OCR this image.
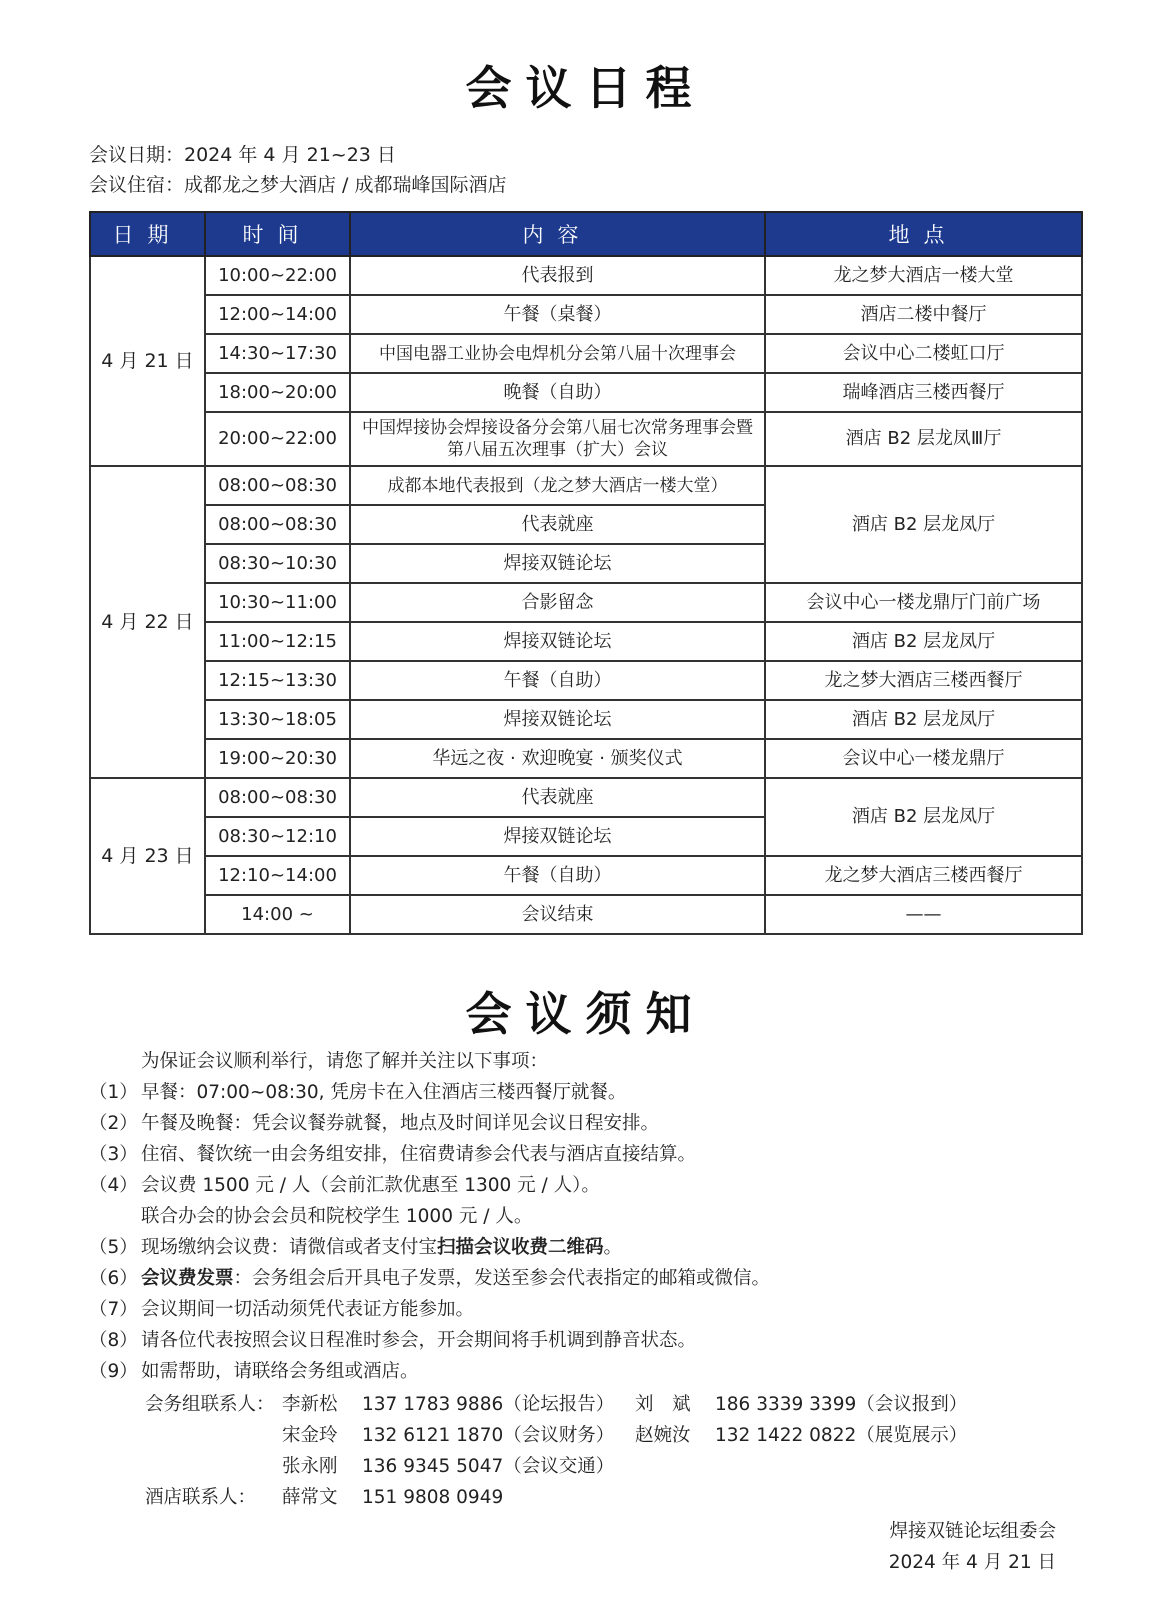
会议日程
会议日期：2024 年 4 月 21~23 日
会议住宿：成都龙之梦大酒店 / 成都瑞峰国际酒店
日期	时间	内容	地点
4 月 21 日	10:00~22:00	代表报到	龙之梦大酒店一楼大堂
	12:00~14:00	午餐（桌餐）	酒店二楼中餐厅
	14:30~17:30	中国电器工业协会电焊机分会第八届十次理事会	会议中心二楼虹口厅
	18:00~20:00	晚餐（自助）	瑞峰酒店三楼西餐厅
	20:00~22:00	中国焊接协会焊接设备分会第八届七次常务理事会暨第八届五次理事（扩大）会议	酒店 B2 层龙凤Ⅲ厅
4 月 22 日	08:00~08:30	成都本地代表报到（龙之梦大酒店一楼大堂）	酒店 B2 层龙凤厅
	08:00~08:30	代表就座	
	08:30~10:30	焊接双链论坛	
	10:30~11:00	合影留念	会议中心一楼龙鼎厅门前广场
	11:00~12:15	焊接双链论坛	酒店 B2 层龙凤厅
	12:15~13:30	午餐（自助）	龙之梦大酒店三楼西餐厅
	13:30~18:05	焊接双链论坛	酒店 B2 层龙凤厅
	19:00~20:30	华远之夜 · 欢迎晚宴 · 颁奖仪式	会议中心一楼龙鼎厅
4 月 23 日	08:00~08:30	代表就座	酒店 B2 层龙凤厅
	08:30~12:10	焊接双链论坛	
	12:10~14:00	午餐（自助）	龙之梦大酒店三楼西餐厅
	14:00 ~	会议结束	——
会议须知
为保证会议顺利举行，请您了解并关注以下事项：
（1） 早餐：07:00~08:30, 凭房卡在入住酒店三楼西餐厅就餐。
（2） 午餐及晚餐：凭会议餐券就餐，地点及时间详见会议日程安排。
（3） 住宿、餐饮统一由会务组安排，住宿费请参会代表与酒店直接结算。
（4） 会议费 1500 元 / 人（会前汇款优惠至 1300 元 / 人）。
联合办会的协会会员和院校学生 1000 元 / 人。
（5） 现场缴纳会议费：请微信或者支付宝扫描会议收费二维码。
（6） 会议费发票：会务组会后开具电子发票，发送至参会代表指定的邮箱或微信。
（7） 会议期间一切活动须凭代表证方能参加。
（8） 请各位代表按照会议日程准时参会，开会期间将手机调到静音状态。
（9） 如需帮助，请联络会务组或酒店。
会务组联系人： 李新松 137 1783 9886（论坛报告） 刘　斌 186 3339 3399（会议报到）
宋金玲 132 6121 1870（会议财务） 赵婉汝 132 1422 0822（展览展示）
张永刚 136 9345 5047（会议交通）
酒店联系人： 薛常文 151 9808 0949
焊接双链论坛组委会
2024 年 4 月 21 日
